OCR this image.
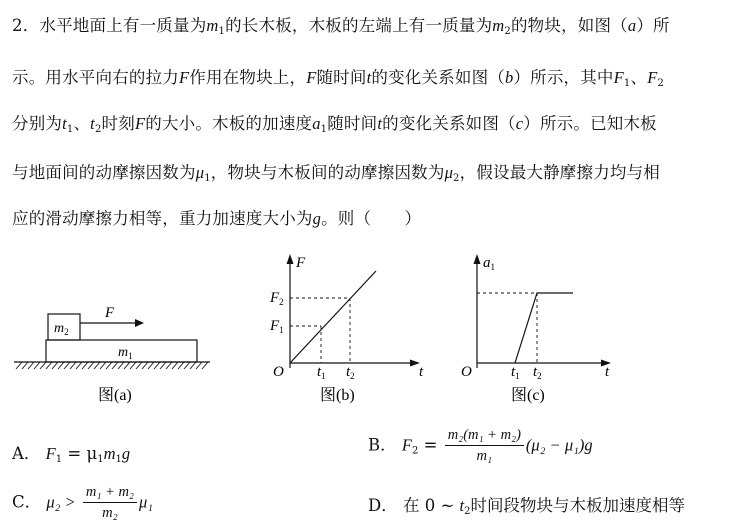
2．水平地面上有一质量为$m_1$的长木板，木板的左端上有一质量为$m_2$的物块，如图（a）所
示。用水平向右的拉力F作用在物块上，F随时间t的变化关系如图（b）所示，其中$F_1$、$F_2$
分别为$t_1$、$t_2$时刻F的大小。木板的加速度$a_1$随时间t的变化关系如图（c）所示。已知木板
与地面间的动摩擦因数为$\mu_1$，物块与木板间的动摩擦因数为$\mu_2$，假设最大静摩擦力均与相
应的滑动摩擦力相等，重力加速度大小为g。则（　　）
$m_2$
F
$m_1$
图(a)
F
$F_2$
$F_1$
O $t_1$ $t_2$	t
图(b)
$a_1$
O	$t_1$ $t_2$	t
图(c)
A． $F_1 = \mu_1m_1g$	B． $F_2 = \frac{\text{m₂(m₁ + m₂)}}{\text{m₁}} (\mu_2 - \mu_1)g$
C． $\mu_2 > \frac{\text{m₁ + m₂}}{\text{m₂}} \mu_1$	D． 在 0 ~ $t_2$时间段物块与木板加速度相等
